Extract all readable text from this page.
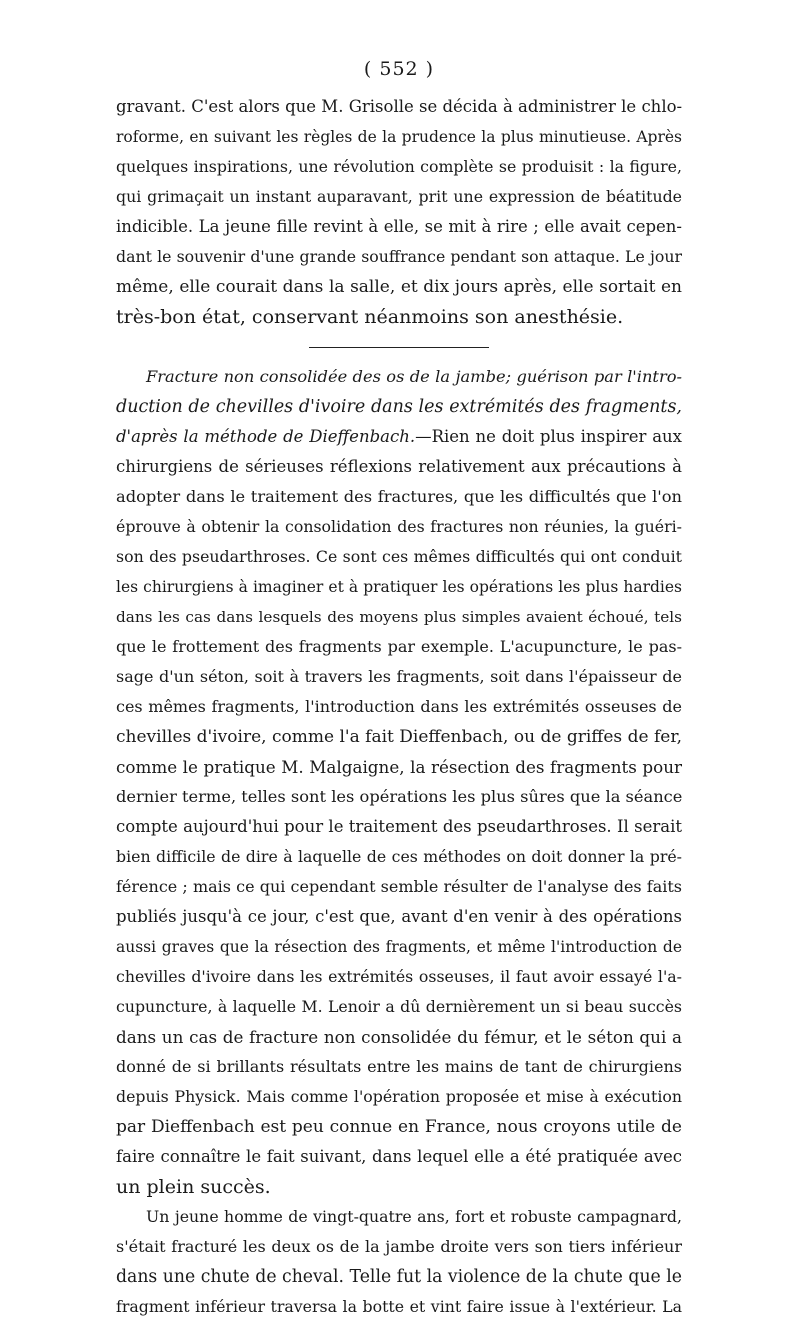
( 552 )
gravant. C'est alors que M. Grisolle se décida à administrer le chlo-
roforme, en suivant les règles de la prudence la plus minutieuse. Après
quelques inspirations, une révolution complète se produisit : la figure,
qui grimaçait un instant auparavant, prit une expression de béatitude
indicible. La jeune fille revint à elle, se mit à rire ; elle avait cepen-
dant le souvenir d'une grande souffrance pendant son attaque. Le jour
même, elle courait dans la salle, et dix jours après, elle sortait en
très-bon état, conservant néanmoins son anesthésie.
Fracture non consolidée des os de la jambe; guérison par l'intro-
duction de chevilles d'ivoire dans les extrémités des fragments,
d'après la méthode de Dieffenbach.—Rien ne doit plus inspirer aux
chirurgiens de sérieuses réflexions relativement aux précautions à
adopter dans le traitement des fractures, que les difficultés que l'on
éprouve à obtenir la consolidation des fractures non réunies, la guéri-
son des pseudarthroses. Ce sont ces mêmes difficultés qui ont conduit
les chirurgiens à imaginer et à pratiquer les opérations les plus hardies
dans les cas dans lesquels des moyens plus simples avaient échoué, tels
que le frottement des fragments par exemple. L'acupuncture, le pas-
sage d'un séton, soit à travers les fragments, soit dans l'épaisseur de
ces mêmes fragments, l'introduction dans les extrémités osseuses de
chevilles d'ivoire, comme l'a fait Dieffenbach, ou de griffes de fer,
comme le pratique M. Malgaigne, la résection des fragments pour
dernier terme, telles sont les opérations les plus sûres que la séance
compte aujourd'hui pour le traitement des pseudarthroses. Il serait
bien difficile de dire à laquelle de ces méthodes on doit donner la pré-
férence ; mais ce qui cependant semble résulter de l'analyse des faits
publiés jusqu'à ce jour, c'est que, avant d'en venir à des opérations
aussi graves que la résection des fragments, et même l'introduction de
chevilles d'ivoire dans les extrémités osseuses, il faut avoir essayé l'a-
cupuncture, à laquelle M. Lenoir a dû dernièrement un si beau succès
dans un cas de fracture non consolidée du fémur, et le séton qui a
donné de si brillants résultats entre les mains de tant de chirurgiens
depuis Physick. Mais comme l'opération proposée et mise à exécution
par Dieffenbach est peu connue en France, nous croyons utile de
faire connaître le fait suivant, dans lequel elle a été pratiquée avec
un plein succès.
Un jeune homme de vingt-quatre ans, fort et robuste campagnard,
s'était fracturé les deux os de la jambe droite vers son tiers inférieur
dans une chute de cheval. Telle fut la violence de la chute que le
fragment inférieur traversa la botte et vint faire issue à l'extérieur. La
